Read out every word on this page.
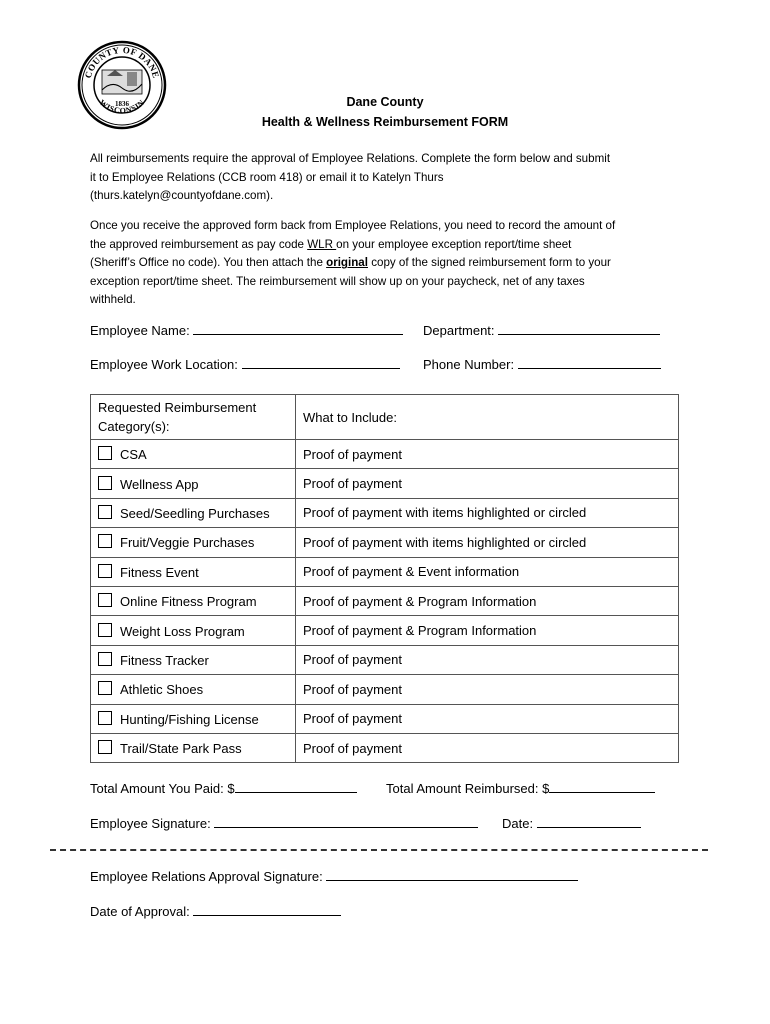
COUNTY OF DANE
WISCONSIN
1836	Dane County
Health & Wellness Reimbursement FORM
All reimbursements require the approval of Employee Relations. Complete the form below and submit
it to Employee Relations (CCB room 418) or email it to Katelyn Thurs
(thurs.katelyn@countyofdane.com).
Once you receive the approved form back from Employee Relations, you need to record the amount of
the approved reimbursement as pay code WLR on your employee exception report/time sheet
(Sheriff’s Office no code). You then attach the original copy of the signed reimbursement form to your
exception report/time sheet. The reimbursement will show up on your paycheck, net of any taxes
withheld.
Employee Name:	Department:
Employee Work Location:	Phone Number:
Requested Reimbursement
Category(s):	What to Include:
CSA	Proof of payment
Wellness App	Proof of payment
Seed/Seedling Purchases	Proof of payment with items highlighted or circled
Fruit/Veggie Purchases	Proof of payment with items highlighted or circled
Fitness Event	Proof of payment & Event information
Online Fitness Program	Proof of payment & Program Information
Weight Loss Program	Proof of payment & Program Information
Fitness Tracker	Proof of payment
Athletic Shoes	Proof of payment
Hunting/Fishing License	Proof of payment
Trail/State Park Pass	Proof of payment
Total Amount You Paid: $	Total Amount Reimbursed: $
Employee Signature:	Date:
Employee Relations Approval Signature:
Date of Approval:
